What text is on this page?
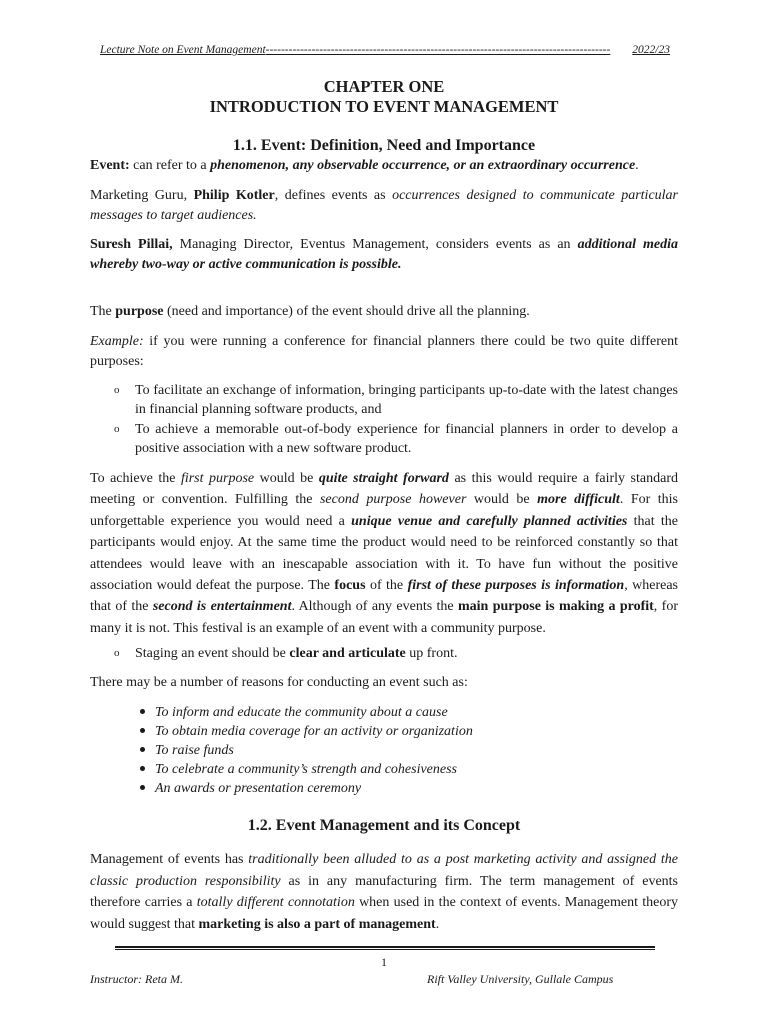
Lecture Note on Event Management ------------------------------------------------------------------------------------------	2022/23
CHAPTER ONE
INTRODUCTION TO EVENT MANAGEMENT
1.1. Event: Definition, Need and Importance

Event: can refer to a phenomenon, any observable occurrence, or an extraordinary occurrence.

Marketing Guru, Philip Kotler, defines events as occurrences designed to communicate particular messages to target audiences.

Suresh Pillai, Managing Director, Eventus Management, considers events as an additional media whereby two-way or active communication is possible.

The purpose (need and importance) of the event should drive all the planning.

Example: if you were running a conference for financial planners there could be two quite different purposes:

o To facilitate an exchange of information, bringing participants up-to-date with the latest changes in financial planning software products, and
o To achieve a memorable out-of-body experience for financial planners in order to develop a positive association with a new software product.

To achieve the first purpose would be quite straight forward as this would require a fairly standard meeting or convention. Fulfilling the second purpose however would be more difficult. For this unforgettable experience you would need a unique venue and carefully planned activities that the participants would enjoy. At the same time the product would need to be reinforced constantly so that attendees would leave with an inescapable association with it. To have fun without the positive association would defeat the purpose. The focus of the first of these purposes is information, whereas that of the second is entertainment. Although of any events the main purpose is making a profit, for many it is not. This festival is an example of an event with a community purpose.

o Staging an event should be clear and articulate up front.

There may be a number of reasons for conducting an event such as:

To inform and educate the community about a cause
To obtain media coverage for an activity or organization
To raise funds
To celebrate a community’s strength and cohesiveness
An awards or presentation ceremony
1.2. Event Management and its Concept

Management of events has traditionally been alluded to as a post marketing activity and assigned the classic production responsibility as in any manufacturing firm. The term management of events therefore carries a totally different connotation when used in the context of events. Management theory would suggest that marketing is also a part of management.

1
Instructor: Reta M.	Rift Valley University, Gullale Campus
